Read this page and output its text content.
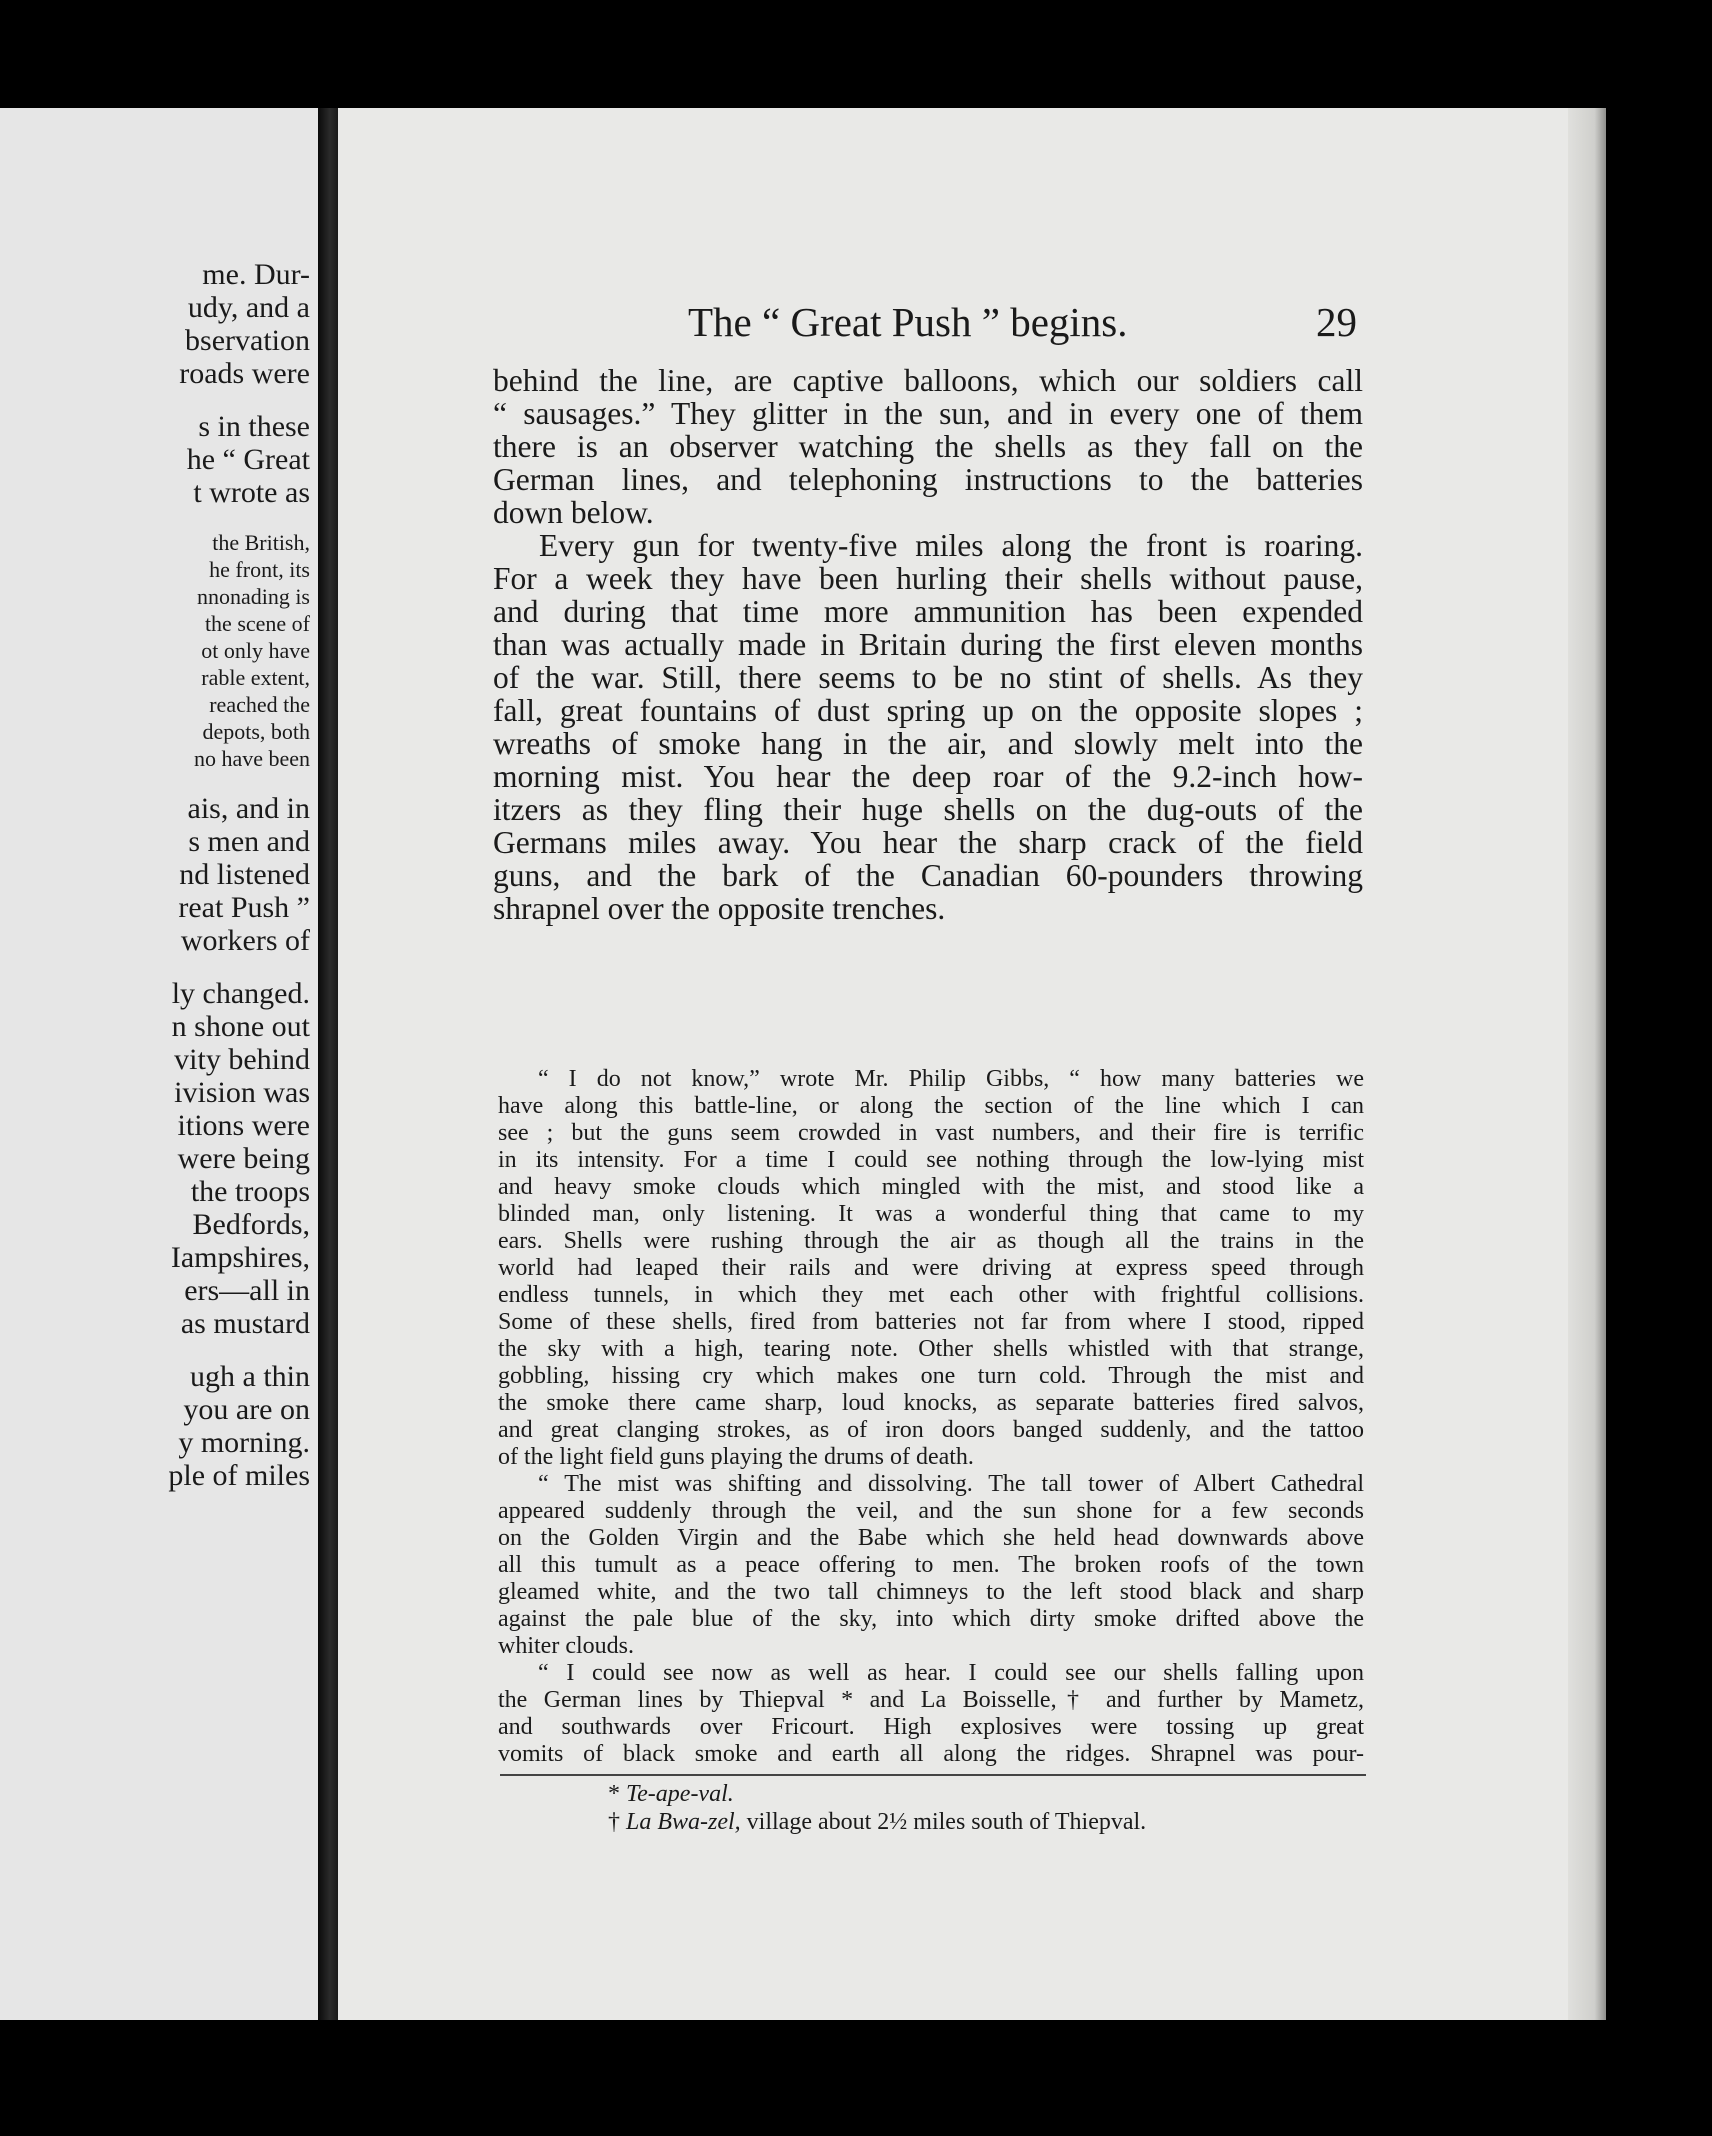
me. Dur-
udy, and a
bservation
roads were
s in these
he “ Great
t wrote as
the British,
he front, its
nnonading is
the scene of
ot only have
rable extent,
reached the
depots, both
no have been
ais, and in
s men and
nd listened
reat Push ”
workers of
ly changed.
n shone out
vity behind
ivision was
itions were
were being
the troops
Bedfords,
Iampshires,
ers—all in
as mustard
ugh a thin
you are on
y morning.
ple of miles
The “ Great Push ” begins.	29
behind the line, are captive balloons, which our soldiers call
“ sausages.” They glitter in the sun, and in every one of them
there is an observer watching the shells as they fall on the
German lines, and telephoning instructions to the batteries
down below.
Every gun for twenty-five miles along the front is roaring.
For a week they have been hurling their shells without pause,
and during that time more ammunition has been expended
than was actually made in Britain during the first eleven months
of the war. Still, there seems to be no stint of shells. As they
fall, great fountains of dust spring up on the opposite slopes ;
wreaths of smoke hang in the air, and slowly melt into the
morning mist. You hear the deep roar of the 9.2-inch how-
itzers as they fling their huge shells on the dug-outs of the
Germans miles away. You hear the sharp crack of the field
guns, and the bark of the Canadian 60-pounders throwing
shrapnel over the opposite trenches.
“ I do not know,” wrote Mr. Philip Gibbs, “ how many batteries we
have along this battle-line, or along the section of the line which I can
see ; but the guns seem crowded in vast numbers, and their fire is terrific
in its intensity. For a time I could see nothing through the low-lying mist
and heavy smoke clouds which mingled with the mist, and stood like a
blinded man, only listening. It was a wonderful thing that came to my
ears. Shells were rushing through the air as though all the trains in the
world had leaped their rails and were driving at express speed through
endless tunnels, in which they met each other with frightful collisions.
Some of these shells, fired from batteries not far from where I stood, ripped
the sky with a high, tearing note. Other shells whistled with that strange,
gobbling, hissing cry which makes one turn cold. Through the mist and
the smoke there came sharp, loud knocks, as separate batteries fired salvos,
and great clanging strokes, as of iron doors banged suddenly, and the tattoo
of the light field guns playing the drums of death.
“ The mist was shifting and dissolving. The tall tower of Albert Cathedral
appeared suddenly through the veil, and the sun shone for a few seconds
on the Golden Virgin and the Babe which she held head downwards above
all this tumult as a peace offering to men. The broken roofs of the town
gleamed white, and the two tall chimneys to the left stood black and sharp
against the pale blue of the sky, into which dirty smoke drifted above the
whiter clouds.
“ I could see now as well as hear. I could see our shells falling upon
the German lines by Thiepval * and La Boisselle,† and further by Mametz,
and southwards over Fricourt. High explosives were tossing up great
vomits of black smoke and earth all along the ridges. Shrapnel was pour-
* Te-ape-val.
† La Bwa-zel, village about 2½ miles south of Thiepval.
